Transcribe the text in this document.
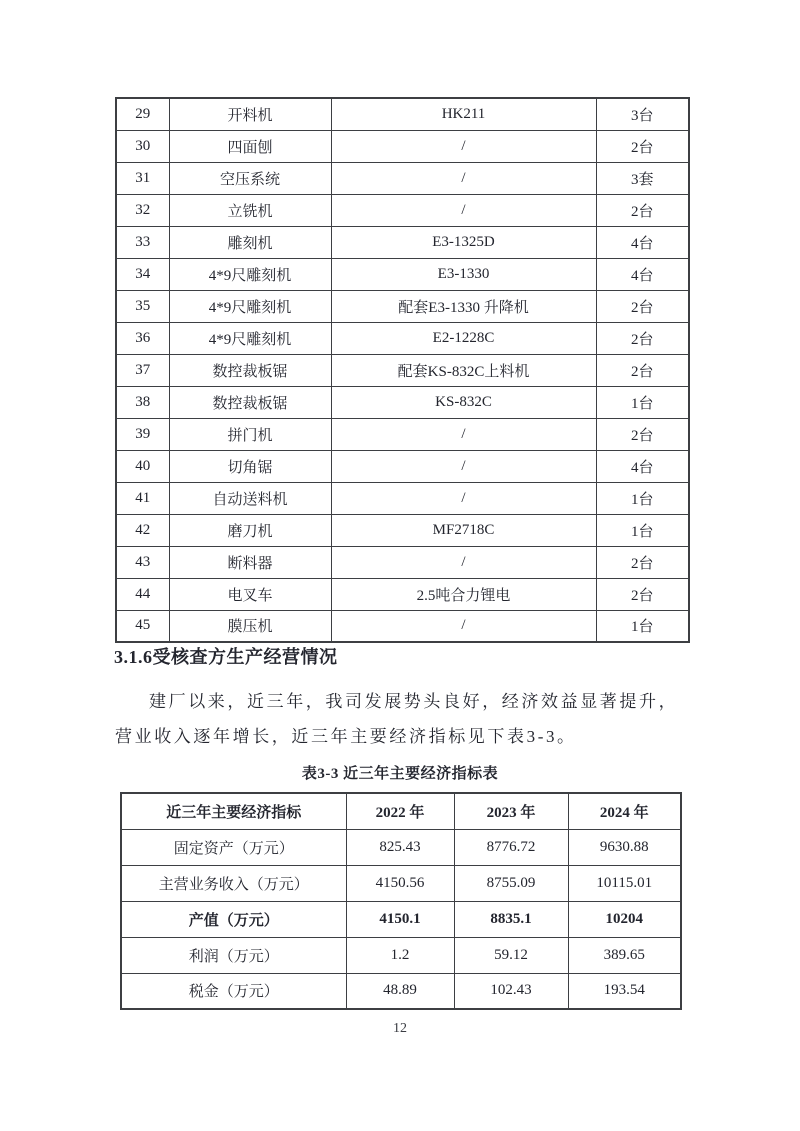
29	开料机	HK211	3台
30	四面刨	/	2台
31	空压系统	/	3套
32	立铣机	/	2台
33	雕刻机	E3-1325D	4台
34	4*9尺雕刻机	E3-1330	4台
35	4*9尺雕刻机	配套E3-1330 升降机	2台
36	4*9尺雕刻机	E2-1228C	2台
37	数控裁板锯	配套KS-832C上料机	2台
38	数控裁板锯	KS-832C	1台
39	拼门机	/	2台
40	切角锯	/	4台
41	自动送料机	/	1台
42	磨刀机	MF2718C	1台
43	断料器	/	2台
44	电叉车	2.5吨合力锂电	2台
45	膜压机	/	1台
3.1.6受核查方生产经营情况
建厂以来，近三年，我司发展势头良好，经济效益显著提升，
营业收入逐年增长，近三年主要经济指标见下表3-3。
表3-3 近三年主要经济指标表
近三年主要经济指标	2022 年	2023 年	2024 年
固定资产（万元）	825.43	8776.72	9630.88
主营业务收入（万元）	4150.56	8755.09	10115.01
产值（万元）	4150.1	8835.1	10204
利润（万元）	1.2	59.12	389.65
税金（万元）	48.89	102.43	193.54
12
